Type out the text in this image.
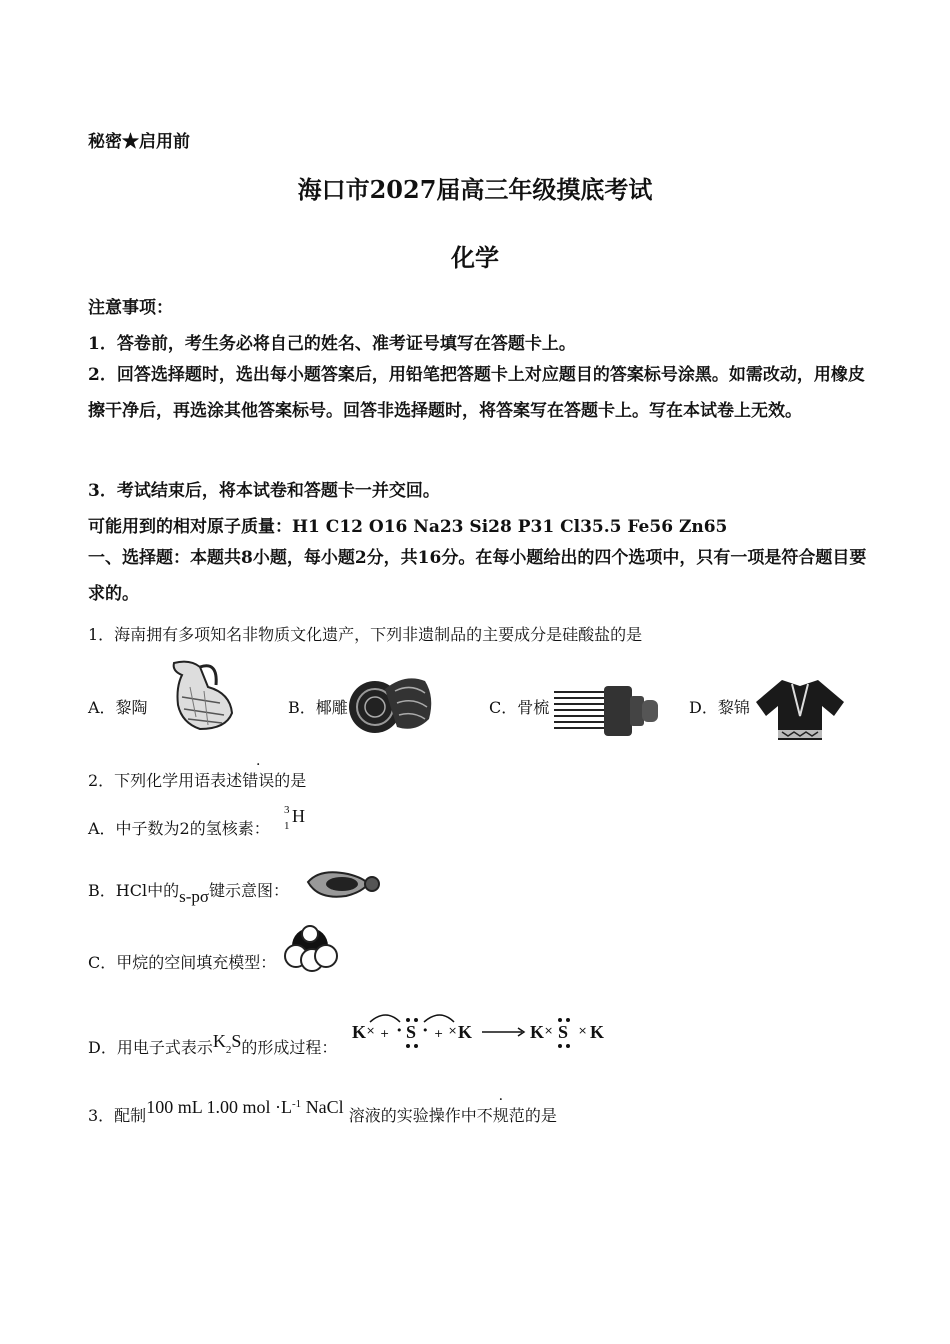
秘密★启用前
海口市2027届高三年级摸底考试
化学
注意事项：
1．答卷前，考生务必将自己的姓名、准考证号填写在答题卡上。
2．回答选择题时，选出每小题答案后，用铅笔把答题卡上对应题目的答案标号涂黑。如需改动，用橡皮擦干净后，再选涂其他答案标号。回答非选择题时，将答案写在答题卡上。写在本试卷上无效。
3．考试结束后，将本试卷和答题卡一并交回。
可能用到的相对原子质量：H1 C12 O16 Na23 Si28 P31 Cl35.5 Fe56 Zn65
一、选择题：本题共8小题，每小题2分，共16分。在每小题给出的四个选项中，只有一项是符合题目要求的。
1．海南拥有多项知名非物质文化遗产，下列非遗制品的主要成分是硅酸盐的是
A．黎陶	B．椰雕	C．骨梳	D．黎锦
2．下列化学用语表述错误的是
A．中子数为2的氢核素：
3
1 H
B．HCl中的s-pσ键示意图：
C．甲烷的空间填充模型：
D．用电子式表示K2S的形成过程：
K S K	K S K
× + • • + ×	× ×
3．配制100 mL 1.00 mol $\cdot L^{-1}$ NaCl 溶液的实验操作中不规范的是
